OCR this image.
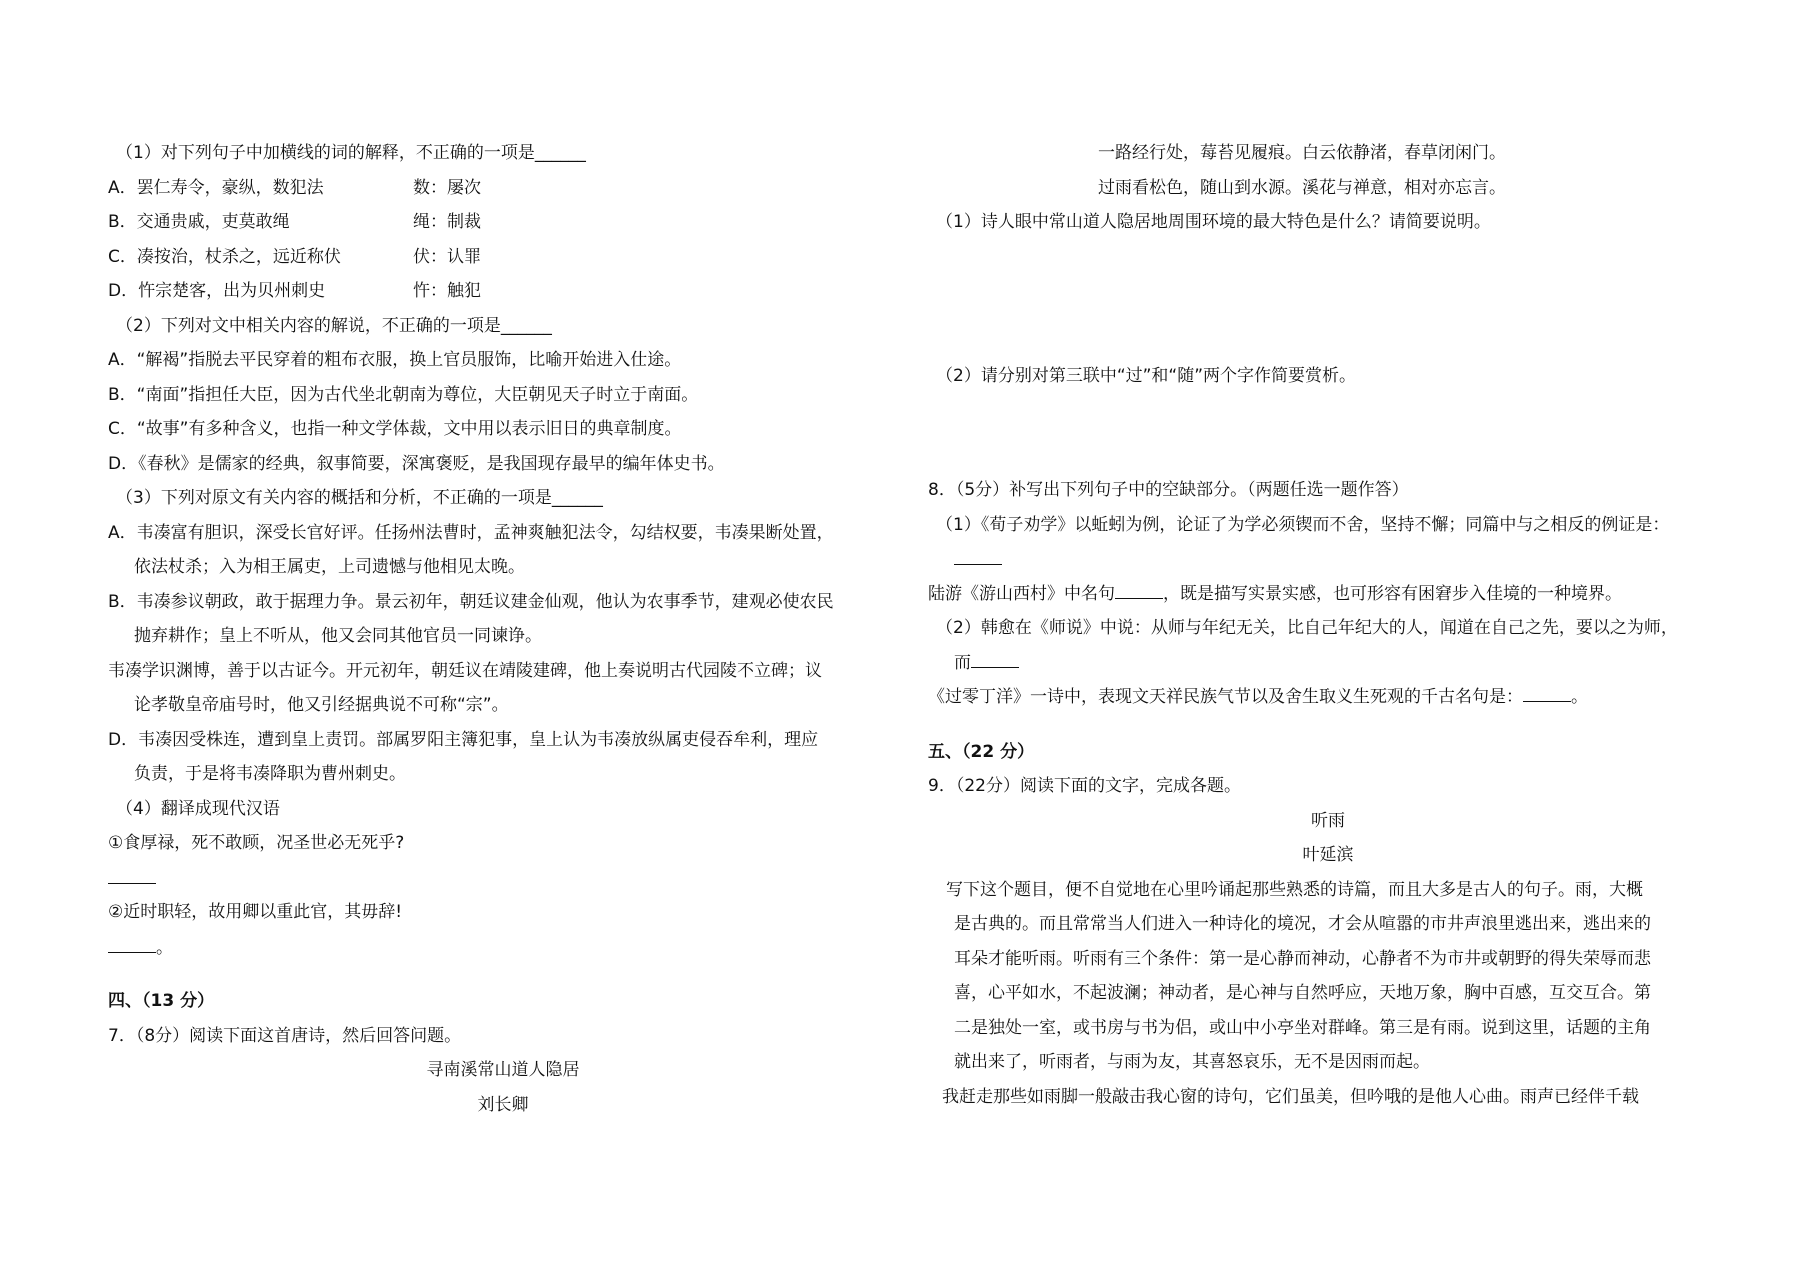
（1）对下列句子中加横线的词的解释，不正确的一项是______
A．罢仁寿令，豪纵，数犯法	数：屡次
B．交通贵戚，吏莫敢绳	绳：制裁
C．凑按治，杖杀之，远近称伏	伏：认罪
D．忤宗楚客，出为贝州刺史	忤：触犯
（2）下列对文中相关内容的解说，不正确的一项是______
A．“解褐”指脱去平民穿着的粗布衣服，换上官员服饰，比喻开始进入仕途。
B．“南面”指担任大臣，因为古代坐北朝南为尊位，大臣朝见天子时立于南面。
C．“故事”有多种含义，也指一种文学体裁，文中用以表示旧日的典章制度。
D．《春秋》是儒家的经典，叙事简要，深寓褒贬，是我国现存最早的编年体史书。
（3）下列对原文有关内容的概括和分析，不正确的一项是______
A．韦凑富有胆识，深受长官好评。任扬州法曹时，孟神爽触犯法令，勾结权要，韦凑果断处置，
依法杖杀；入为相王属吏，上司遗憾与他相见太晚。
B．韦凑参议朝政，敢于据理力争。景云初年，朝廷议建金仙观，他认为农事季节，建观必使农民
抛弃耕作；皇上不听从，他又会同其他官员一同谏诤。
韦凑学识渊博，善于以古证今。开元初年，朝廷议在靖陵建碑，他上奏说明古代园陵不立碑；议
论孝敬皇帝庙号时，他又引经据典说不可称“宗”。
D．韦凑因受株连，遭到皇上责罚。部属罗阳主簿犯事，皇上认为韦凑放纵属吏侵吞牟利，理应
负责，于是将韦凑降职为曹州刺史。
（4）翻译成现代汉语
①食厚禄，死不敢顾，况圣世必无死乎?
②近时职轻，故用卿以重此官，其毋辞!
。
四、（13 分）
7．（8分）阅读下面这首唐诗，然后回答问题。
寻南溪常山道人隐居
刘长卿
一路经行处，莓苔见履痕。白云依静渚，春草闭闲门。
过雨看松色，随山到水源。溪花与禅意，相对亦忘言。
（1）诗人眼中常山道人隐居地周围环境的最大特色是什么？请简要说明。
（2）请分别对第三联中“过”和“随”两个字作简要赏析。
8．（5分）补写出下列句子中的空缺部分。（两题任选一题作答）
（1）《荀子劝学》以蚯蚓为例，论证了为学必须锲而不舍，坚持不懈；同篇中与之相反的例证是：
陆游《游山西村》中名句	，既是描写实景实感，也可形容有困窘步入佳境的一种境界。
（2）韩愈在《师说》中说：从师与年纪无关，比自己年纪大的人，闻道在自己之先，要以之为师，
而
《过零丁洋》一诗中，表现文天祥民族气节以及舍生取义生死观的千古名句是：	。
五、（22 分）
9．（22分）阅读下面的文字，完成各题。
听雨
叶延滨
写下这个题目，便不自觉地在心里吟诵起那些熟悉的诗篇，而且大多是古人的句子。雨，大概
是古典的。而且常常当人们进入一种诗化的境况，才会从喧嚣的市井声浪里逃出来，逃出来的
耳朵才能听雨。听雨有三个条件：第一是心静而神动，心静者不为市井或朝野的得失荣辱而悲
喜，心平如水，不起波澜；神动者，是心神与自然呼应，天地万象，胸中百感，互交互合。第
二是独处一室，或书房与书为侣，或山中小亭坐对群峰。第三是有雨。说到这里，话题的主角
就出来了，听雨者，与雨为友，其喜怒哀乐，无不是因雨而起。
我赶走那些如雨脚一般敲击我心窗的诗句，它们虽美，但吟哦的是他人心曲。雨声已经伴千载
